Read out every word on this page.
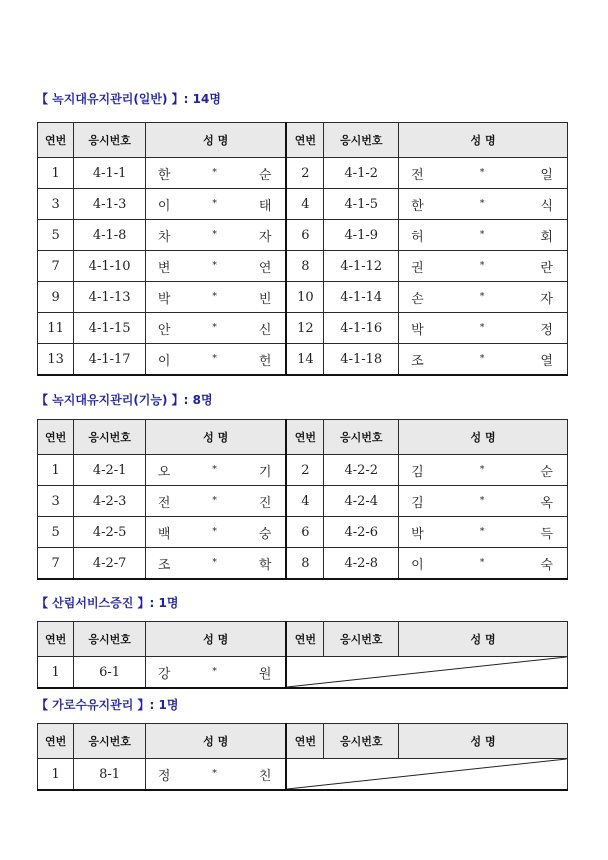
【 녹지대유지관리(일반) 】: 14명
연번	응시번호	성 명	연번	응시번호	성 명
1	4-1-1	한 * 순	2	4-1-2	전 * 일

3	4-1-3	이 * 태	4	4-1-5	한 * 식

5	4-1-8	차 * 자	6	4-1-9	허 * 회

7	4-1-10	변 * 연	8	4-1-12	권 * 란

9	4-1-13	박 * 빈	10	4-1-14	손 * 자

11	4-1-15	안 * 신	12	4-1-16	박 * 정

13	4-1-17	이 * 헌	14	4-1-18	조 * 열
【 녹지대유지관리(기능) 】: 8명
연번	응시번호	성 명	연번	응시번호	성 명
1	4-2-1	오 * 기	2	4-2-2	김 * 순

3	4-2-3	전 * 진	4	4-2-4	김 * 옥

5	4-2-5	백 * 숭	6	4-2-6	박 * 득

7	4-2-7	조 * 학	8	4-2-8	이 * 숙
【 산림서비스증진 】: 1명
연번	응시번호	성 명	연번	응시번호	성 명
1	6-1	강 * 원

【 가로수유지관리 】: 1명
연번	응시번호	성 명	연번	응시번호	성 명
1	8-1	정 * 친
